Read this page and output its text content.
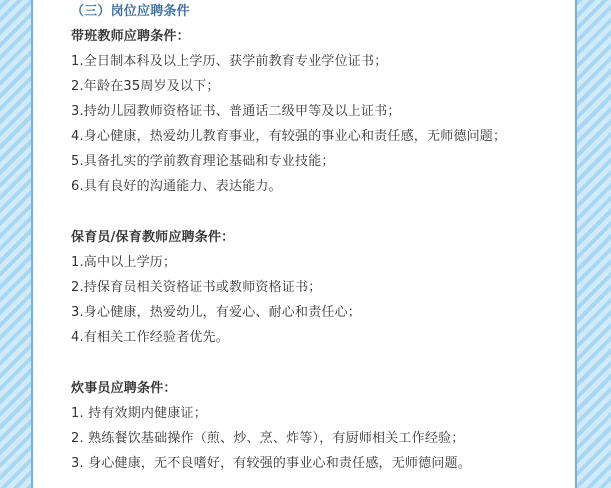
（三）岗位应聘条件
带班教师应聘条件：
1.全日制本科及以上学历、获学前教育专业学位证书；
2.年龄在35周岁及以下；
3.持幼儿园教师资格证书、普通话二级甲等及以上证书；
4.身心健康，热爱幼儿教育事业，有较强的事业心和责任感，无师德问题；
5.具备扎实的学前教育理论基础和专业技能；
6.具有良好的沟通能力、表达能力。
保育员/保育教师应聘条件：
1.高中以上学历；
2.持保育员相关资格证书或教师资格证书；
3.身心健康，热爱幼儿，有爱心、耐心和责任心；
4.有相关工作经验者优先。
炊事员应聘条件：
1. 持有效期内健康证；
2. 熟练餐饮基础操作（煎、炒、烹、炸等），有厨师相关工作经验；
3. 身心健康，无不良嗜好，有较强的事业心和责任感，无师德问题。
